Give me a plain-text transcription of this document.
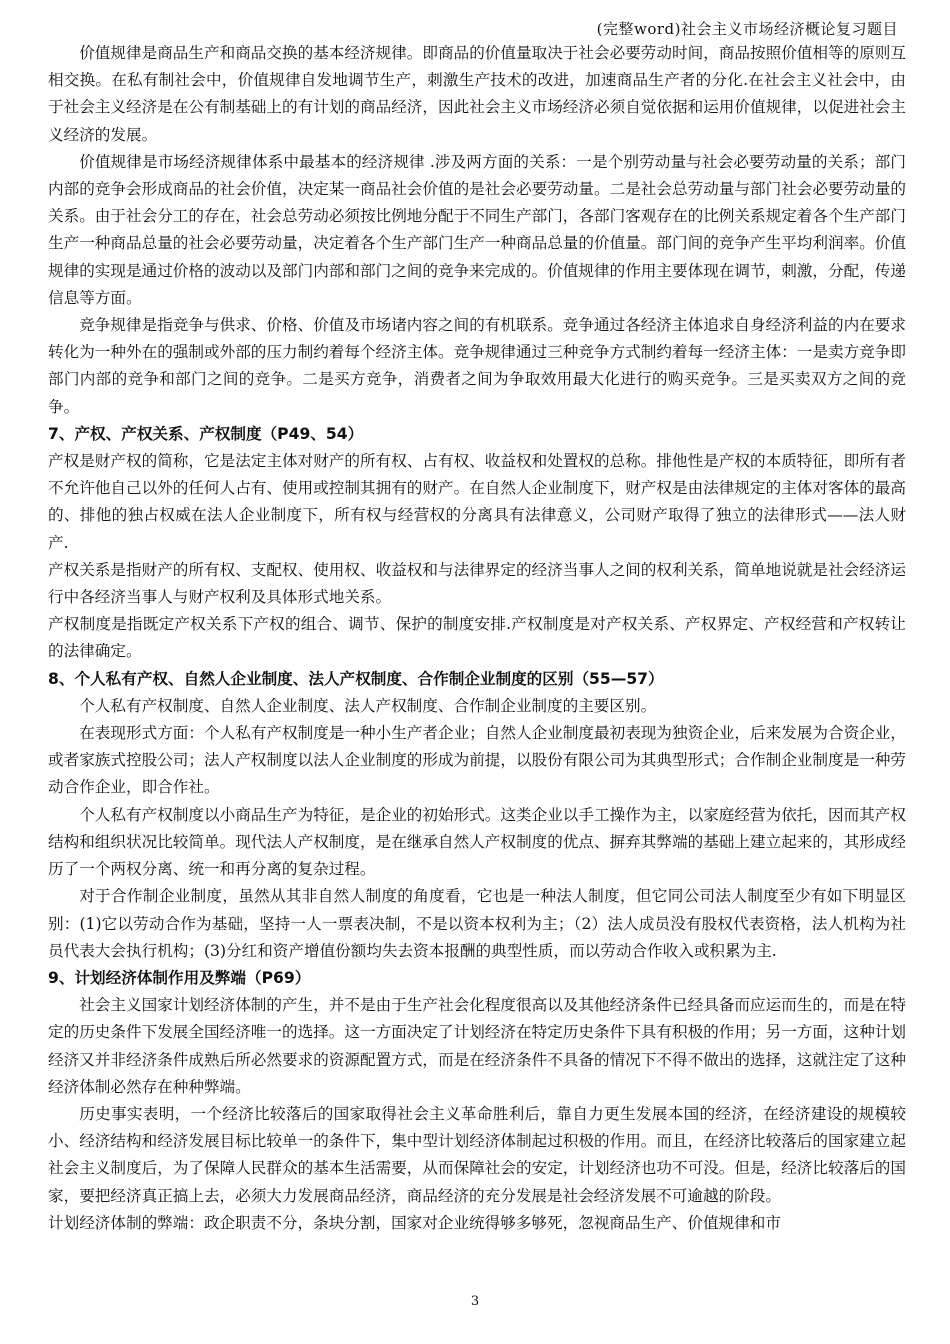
(完整word)社会主义市场经济概论复习题目

价值规律是商品生产和商品交换的基本经济规律。即商品的价值量取决于社会必要劳动时间，商品按照价值相等的原则互相交换。在私有制社会中，价值规律自发地调节生产，刺激生产技术的改进，加速商品生产者的分化.在社会主义社会中，由于社会主义经济是在公有制基础上的有计划的商品经济，因此社会主义市场经济必须自觉依据和运用价值规律，以促进社会主义经济的发展。

价值规律是市场经济规律体系中最基本的经济规律 .涉及两方面的关系：一是个别劳动量与社会必要劳动量的关系；部门内部的竞争会形成商品的社会价值，决定某一商品社会价值的是社会必要劳动量。二是社会总劳动量与部门社会必要劳动量的关系。由于社会分工的存在，社会总劳动必须按比例地分配于不同生产部门，各部门客观存在的比例关系规定着各个生产部门生产一种商品总量的社会必要劳动量，决定着各个生产部门生产一种商品总量的价值量。部门间的竞争产生平均利润率。价值规律的实现是通过价格的波动以及部门内部和部门之间的竞争来完成的。价值规律的作用主要体现在调节，刺激，分配，传递信息等方面。

竞争规律是指竞争与供求、价格、价值及市场诸内容之间的有机联系。竞争通过各经济主体追求自身经济利益的内在要求转化为一种外在的强制或外部的压力制约着每个经济主体。竞争规律通过三种竞争方式制约着每一经济主体：一是卖方竞争即部门内部的竞争和部门之间的竞争。二是买方竞争，消费者之间为争取效用最大化进行的购买竞争。三是买卖双方之间的竞争。

7、产权、产权关系、产权制度（P49、54）

产权是财产权的简称，它是法定主体对财产的所有权、占有权、收益权和处置权的总称。排他性是产权的本质特征，即所有者不允许他自己以外的任何人占有、使用或控制其拥有的财产。在自然人企业制度下，财产权是由法律规定的主体对客体的最高的、排他的独占权威在法人企业制度下，所有权与经营权的分离具有法律意义，公司财产取得了独立的法律形式——法人财产.

产权关系是指财产的所有权、支配权、使用权、收益权和与法律界定的经济当事人之间的权利关系，简单地说就是社会经济运行中各经济当事人与财产权利及具体形式地关系。

产权制度是指既定产权关系下产权的组合、调节、保护的制度安排.产权制度是对产权关系、产权界定、产权经营和产权转让的法律确定。

8、个人私有产权、自然人企业制度、法人产权制度、合作制企业制度的区别（55—57）

个人私有产权制度、自然人企业制度、法人产权制度、合作制企业制度的主要区别。

在表现形式方面：个人私有产权制度是一种小生产者企业；自然人企业制度最初表现为独资企业，后来发展为合资企业，或者家族式控股公司；法人产权制度以法人企业制度的形成为前提，以股份有限公司为其典型形式；合作制企业制度是一种劳动合作企业，即合作社。

个人私有产权制度以小商品生产为特征，是企业的初始形式。这类企业以手工操作为主，以家庭经营为依托，因而其产权结构和组织状况比较简单。现代法人产权制度，是在继承自然人产权制度的优点、摒弃其弊端的基础上建立起来的，其形成经历了一个两权分离、统一和再分离的复杂过程。

对于合作制企业制度，虽然从其非自然人制度的角度看，它也是一种法人制度，但它同公司法人制度至少有如下明显区别：(1)它以劳动合作为基础，坚持一人一票表决制，不是以资本权利为主；（2）法人成员没有股权代表资格，法人机构为社员代表大会执行机构；(3)分红和资产增值份额均失去资本报酬的典型性质，而以劳动合作收入或积累为主.

9、计划经济体制作用及弊端（P69）

社会主义国家计划经济体制的产生，并不是由于生产社会化程度很高以及其他经济条件已经具备而应运而生的，而是在特定的历史条件下发展全国经济唯一的选择。这一方面决定了计划经济在特定历史条件下具有积极的作用；另一方面，这种计划经济又并非经济条件成熟后所必然要求的资源配置方式，而是在经济条件不具备的情况下不得不做出的选择，这就注定了这种经济体制必然存在种种弊端。

历史事实表明，一个经济比较落后的国家取得社会主义革命胜利后，靠自力更生发展本国的经济，在经济建设的规模较小、经济结构和经济发展目标比较单一的条件下，集中型计划经济体制起过积极的作用。而且，在经济比较落后的国家建立起社会主义制度后，为了保障人民群众的基本生活需要，从而保障社会的安定，计划经济也功不可没。但是，经济比较落后的国家，要把经济真正搞上去，必须大力发展商品经济，商品经济的充分发展是社会经济发展不可逾越的阶段。

计划经济体制的弊端：政企职责不分，条块分割，国家对企业统得够多够死，忽视商品生产、价值规律和市

3
